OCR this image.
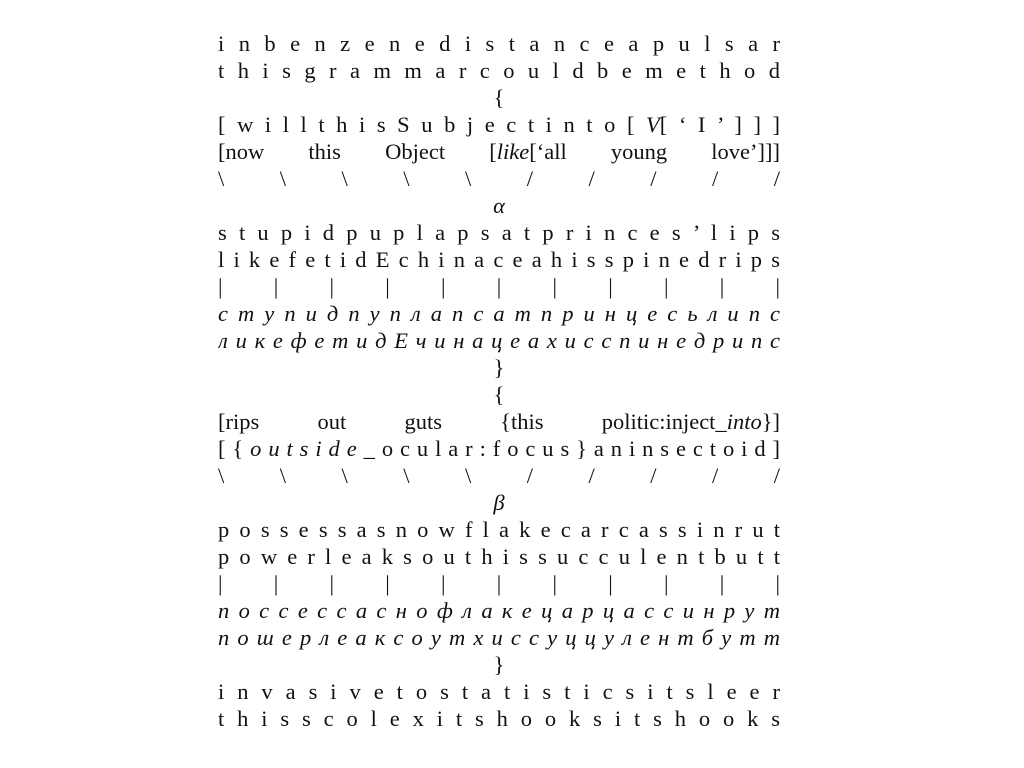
i n b e n z e n e d i s t a n c e a p u l s a r
t h i s g r a m m a r c o u l d b e m e t h o d
{
[ w i l l t h i s S u b j e c t i n t o [ V[ ‘ I ’ ] ] ]
[now this Object [like[‘all young love’]]]
\ \ \ \ \ / / / / /
α
s t u p i d p u p l a p s a t p r i n c e s ’ l i p s
l i k e f e t i d E c h i n a c e a h i s s p i n e d r i p s
| | | | | | | | | | |
с т у п и д п у п л а п с а т п р и н ц е с ь л и п с
л и к е ф е т и д Е ч и н а ц е а х и с с п и н е д р и п с
}
{
[rips out guts {this politic:inject_into}]
[ { o u t s i d e _ o c u l a r : f o c u s } a n i n s e c t o i d ]
\ \ \ \ \ / / / / /
β
p o s s e s s a s n o w f l a k e c a r c a s s i n r u t
p o w e r l e a k s o u t h i s s u c c u l e n t b u t t
| | | | | | | | | | |
п о с с е с с а с н о ф л а к е ц а р ц а с с и н р у т
п о ш е р л е а к с о у т х и с с у ц ц у л е н т б у т т
}
i n v a s i v e t o s t a t i s t i c s i t s l e e r
t h i s s c o l e x i t s h o o k s i t s h o o k s
